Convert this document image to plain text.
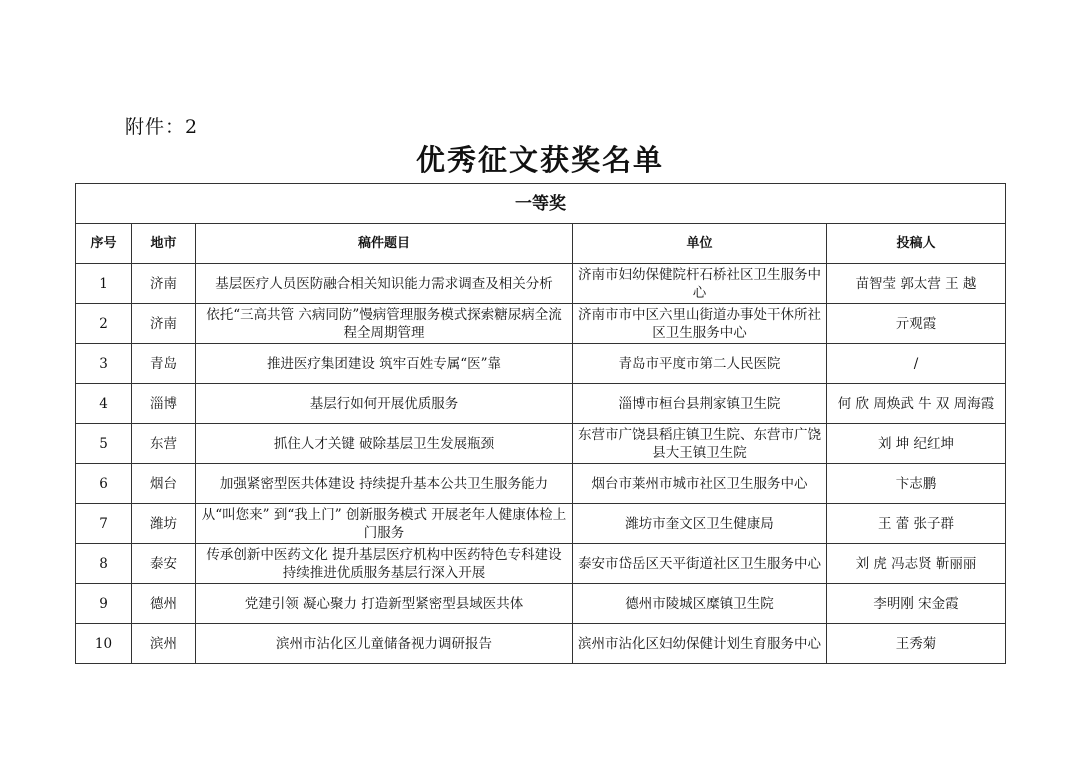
附件：2
优秀征文获奖名单
一等奖				
序号	地市	稿件题目	单位	投稿人
1	济南	基层医疗人员医防融合相关知识能力需求调查及相关分析	济南市妇幼保健院杆石桥社区卫生服务中心	苗智莹 郭太营 王 越
2	济南	依托“三高共管 六病同防”慢病管理服务模式探索糖尿病全流程全周期管理	济南市市中区六里山街道办事处干休所社区卫生服务中心	亓观霞
3	青岛	推进医疗集团建设 筑牢百姓专属“医”靠	青岛市平度市第二人民医院	/
4	淄博	基层行如何开展优质服务	淄博市桓台县荆家镇卫生院	何 欣 周焕武 牛 双 周海霞
5	东营	抓住人才关键 破除基层卫生发展瓶颈	东营市广饶县稻庄镇卫生院、东营市广饶县大王镇卫生院	刘 坤 纪红坤
6	烟台	加强紧密型医共体建设 持续提升基本公共卫生服务能力	烟台市莱州市城市社区卫生服务中心	卞志鹏
7	潍坊	从“叫您来” 到“我上门” 创新服务模式 开展老年人健康体检上门服务	潍坊市奎文区卫生健康局	王 蕾 张子群
8	泰安	传承创新中医药文化 提升基层医疗机构中医药特色专科建设 持续推进优质服务基层行深入开展	泰安市岱岳区天平街道社区卫生服务中心	刘 虎 冯志贤 靳丽丽
9	德州	党建引领 凝心聚力 打造新型紧密型县域医共体	德州市陵城区糜镇卫生院	李明刚 宋金霞
10	滨州	滨州市沾化区儿童储备视力调研报告	滨州市沾化区妇幼保健计划生育服务中心	王秀菊
